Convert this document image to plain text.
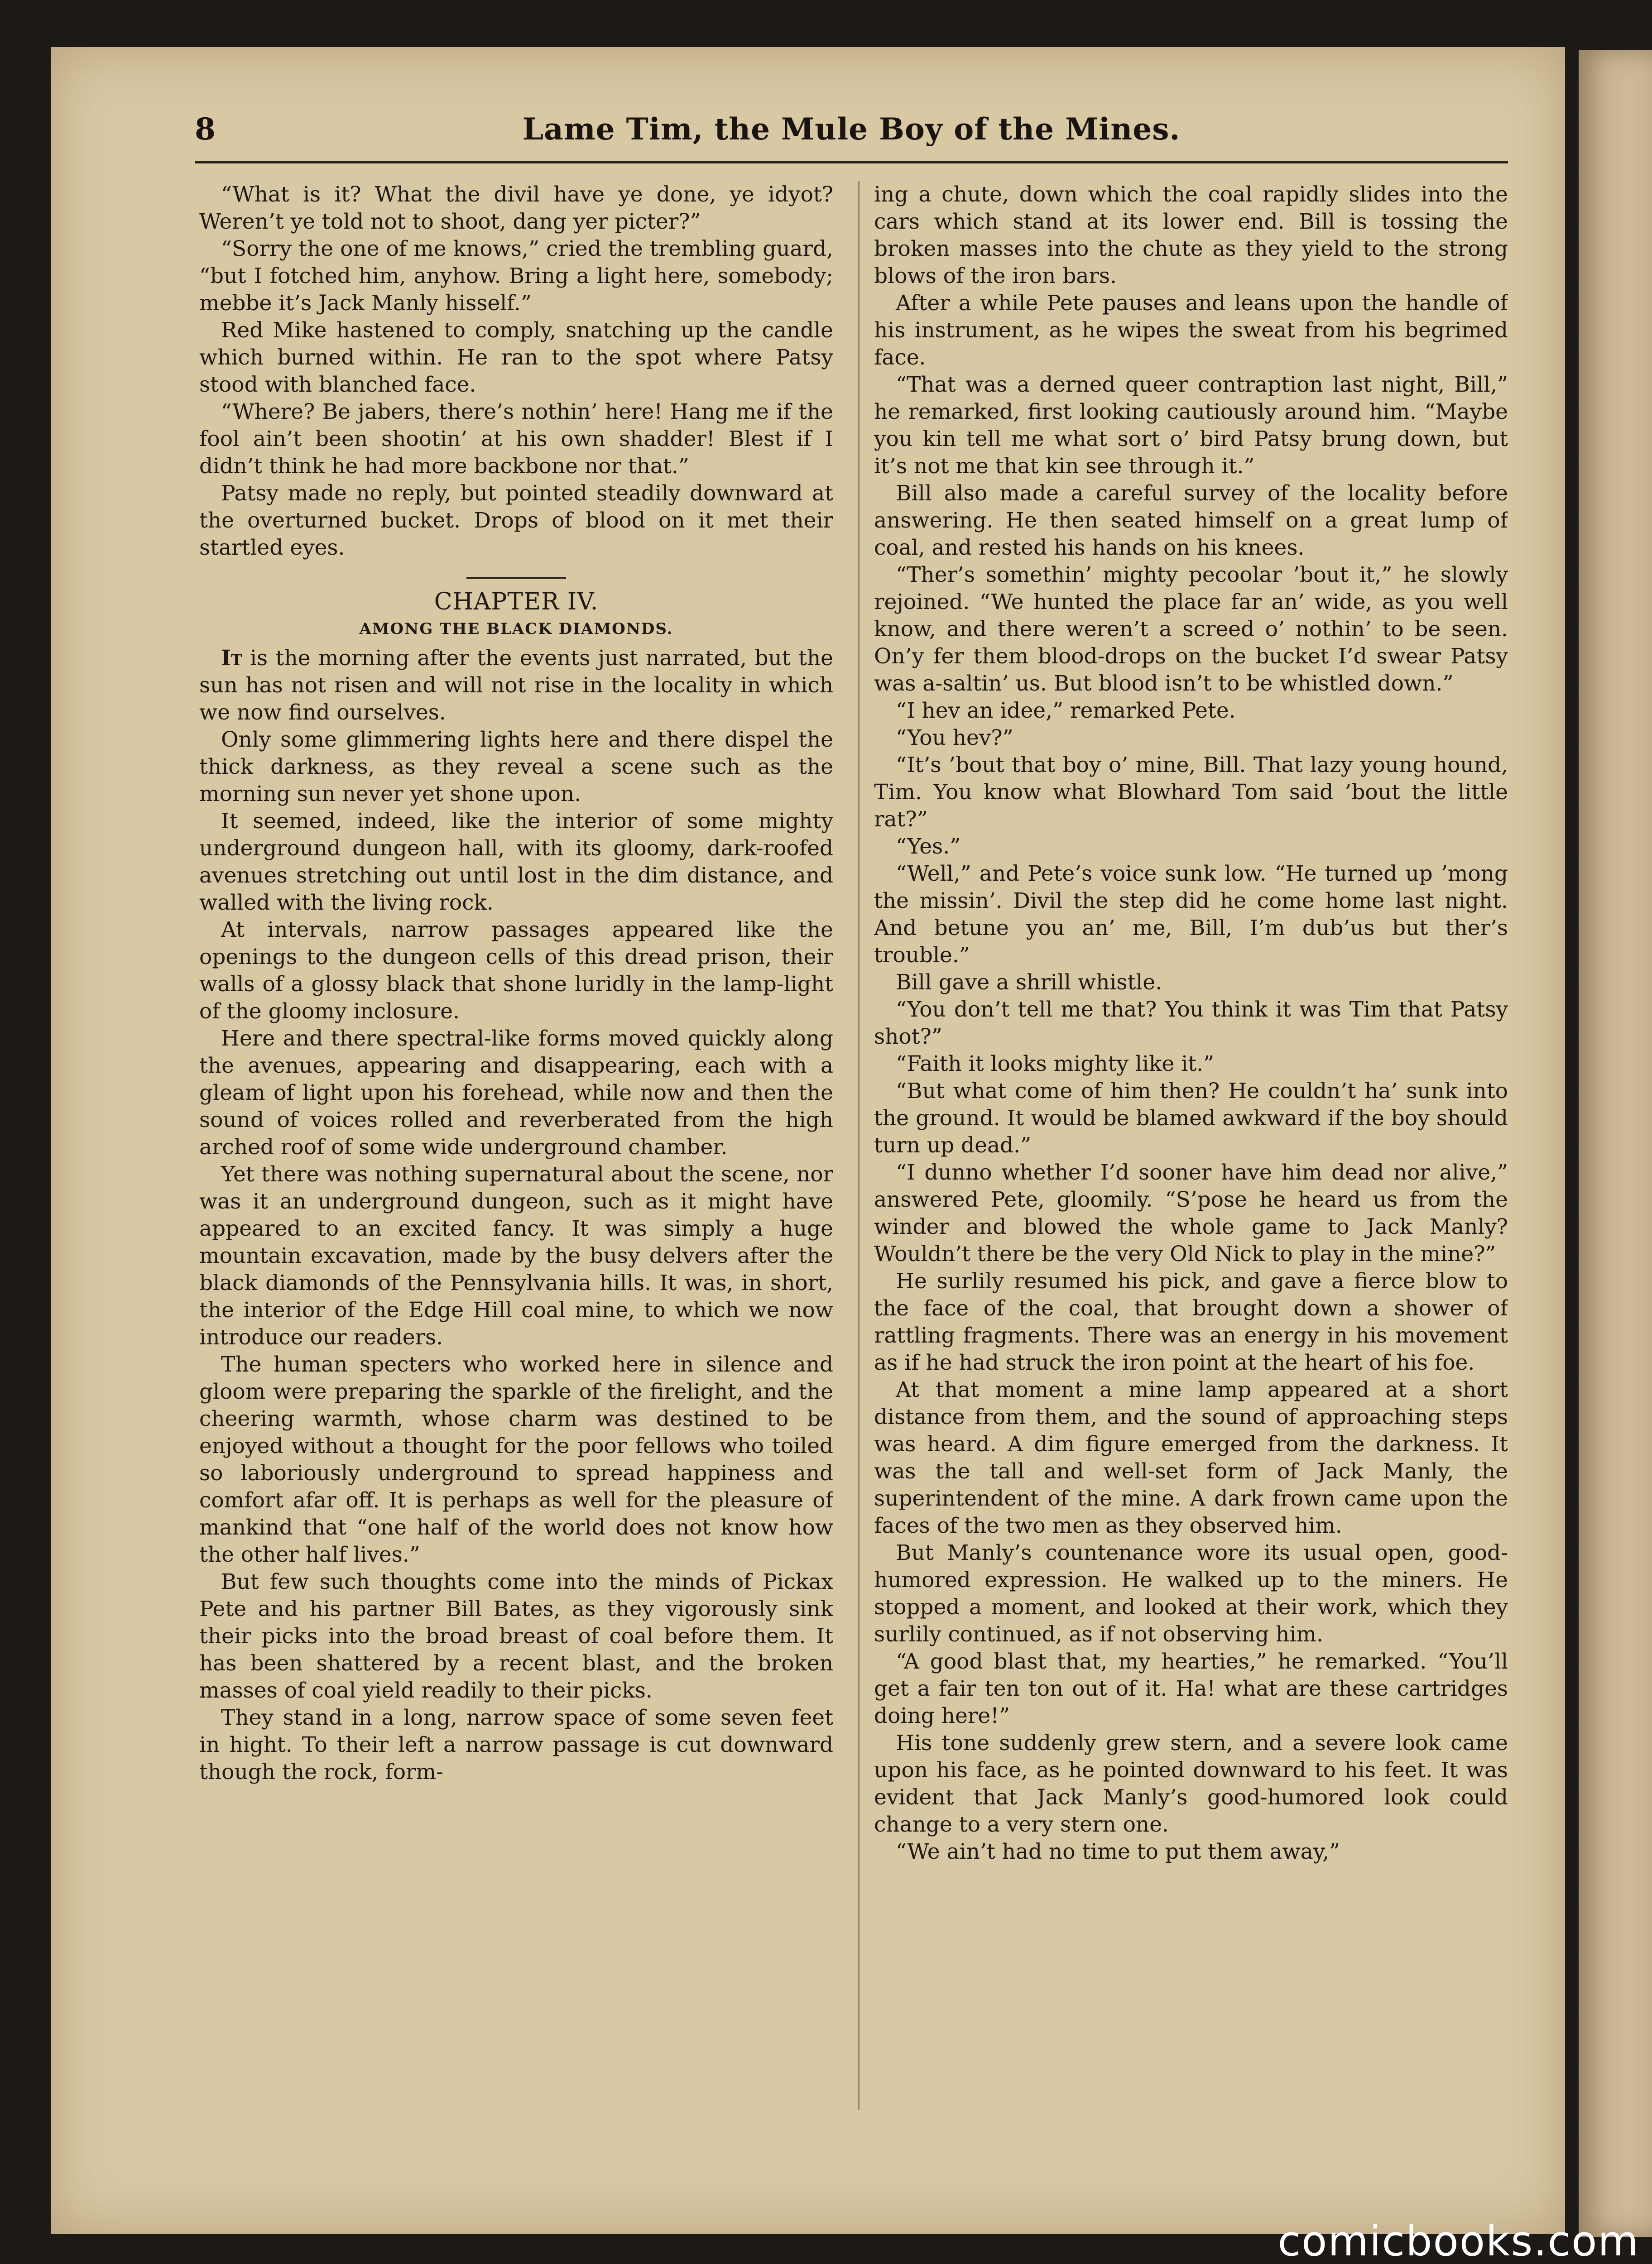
8	Lame Tim, the Mule Boy of the Mines.

“What is it? What the divil have ye done, ye idyot? Weren’t ye told not to shoot, dang yer picter?”

“Sorry the one of me knows,” cried the trembling guard, “but I fotched him, anyhow. Bring a light here, somebody; mebbe it’s Jack Manly hisself.”

Red Mike hastened to comply, snatching up the candle which burned within. He ran to the spot where Patsy stood with blanched face.

“Where? Be jabers, there’s nothin’ here! Hang me if the fool ain’t been shootin’ at his own shadder! Blest if I didn’t think he had more backbone nor that.”

Patsy made no reply, but pointed steadily downward at the overturned bucket. Drops of blood on it met their startled eyes.

CHAPTER IV.
AMONG THE BLACK DIAMONDS.

It is the morning after the events just narrated, but the sun has not risen and will not rise in the locality in which we now find ourselves.

Only some glimmering lights here and there dispel the thick darkness, as they reveal a scene such as the morning sun never yet shone upon.

It seemed, indeed, like the interior of some mighty underground dungeon hall, with its gloomy, dark-roofed avenues stretching out until lost in the dim distance, and walled with the living rock.

At intervals, narrow passages appeared like the openings to the dungeon cells of this dread prison, their walls of a glossy black that shone luridly in the lamp-light of the gloomy inclosure.

Here and there spectral-like forms moved quickly along the avenues, appearing and disappearing, each with a gleam of light upon his forehead, while now and then the sound of voices rolled and reverberated from the high arched roof of some wide underground chamber.

Yet there was nothing supernatural about the scene, nor was it an underground dungeon, such as it might have appeared to an excited fancy. It was simply a huge mountain excavation, made by the busy delvers after the black diamonds of the Pennsylvania hills. It was, in short, the interior of the Edge Hill coal mine, to which we now introduce our readers.

The human specters who worked here in silence and gloom were preparing the sparkle of the firelight, and the cheering warmth, whose charm was destined to be enjoyed without a thought for the poor fellows who toiled so laboriously underground to spread happiness and comfort afar off. It is perhaps as well for the pleasure of mankind that “one half of the world does not know how the other half lives.”

But few such thoughts come into the minds of Pickax Pete and his partner Bill Bates, as they vigorously sink their picks into the broad breast of coal before them. It has been shattered by a recent blast, and the broken masses of coal yield readily to their picks.

They stand in a long, narrow space of some seven feet in hight. To their left a narrow passage is cut downward though the rock, form-

ing a chute, down which the coal rapidly slides into the cars which stand at its lower end. Bill is tossing the broken masses into the chute as they yield to the strong blows of the iron bars.

After a while Pete pauses and leans upon the handle of his instrument, as he wipes the sweat from his begrimed face.

“That was a derned queer contraption last night, Bill,” he remarked, first looking cautiously around him. “Maybe you kin tell me what sort o’ bird Patsy brung down, but it’s not me that kin see through it.”

Bill also made a careful survey of the locality before answering. He then seated himself on a great lump of coal, and rested his hands on his knees.

“Ther’s somethin’ mighty pecoolar ’bout it,” he slowly rejoined. “We hunted the place far an’ wide, as you well know, and there weren’t a screed o’ nothin’ to be seen. On’y fer them blood-drops on the bucket I’d swear Patsy was a-saltin’ us. But blood isn’t to be whistled down.”

“I hev an idee,” remarked Pete.

“You hev?”

“It’s ’bout that boy o’ mine, Bill. That lazy young hound, Tim. You know what Blowhard Tom said ’bout the little rat?”

“Yes.”

“Well,” and Pete’s voice sunk low. “He turned up ’mong the missin’. Divil the step did he come home last night. And betune you an’ me, Bill, I’m dub’us but ther’s trouble.”

Bill gave a shrill whistle.

“You don’t tell me that? You think it was Tim that Patsy shot?”

“Faith it looks mighty like it.”

“But what come of him then? He couldn’t ha’ sunk into the ground. It would be blamed awkward if the boy should turn up dead.”

“I dunno whether I’d sooner have him dead nor alive,” answered Pete, gloomily. “S’pose he heard us from the winder and blowed the whole game to Jack Manly? Wouldn’t there be the very Old Nick to play in the mine?”

He surlily resumed his pick, and gave a fierce blow to the face of the coal, that brought down a shower of rattling fragments. There was an energy in his movement as if he had struck the iron point at the heart of his foe.

At that moment a mine lamp appeared at a short distance from them, and the sound of approaching steps was heard. A dim figure emerged from the darkness. It was the tall and well-set form of Jack Manly, the superintendent of the mine. A dark frown came upon the faces of the two men as they observed him.

But Manly’s countenance wore its usual open, good-humored expression. He walked up to the miners. He stopped a moment, and looked at their work, which they surlily continued, as if not observing him.

“A good blast that, my hearties,” he remarked. “You’ll get a fair ten ton out of it. Ha! what are these cartridges doing here!”

His tone suddenly grew stern, and a severe look came upon his face, as he pointed downward to his feet. It was evident that Jack Manly’s good-humored look could change to a very stern one.

“We ain’t had no time to put them away,”

comicbooks.com
